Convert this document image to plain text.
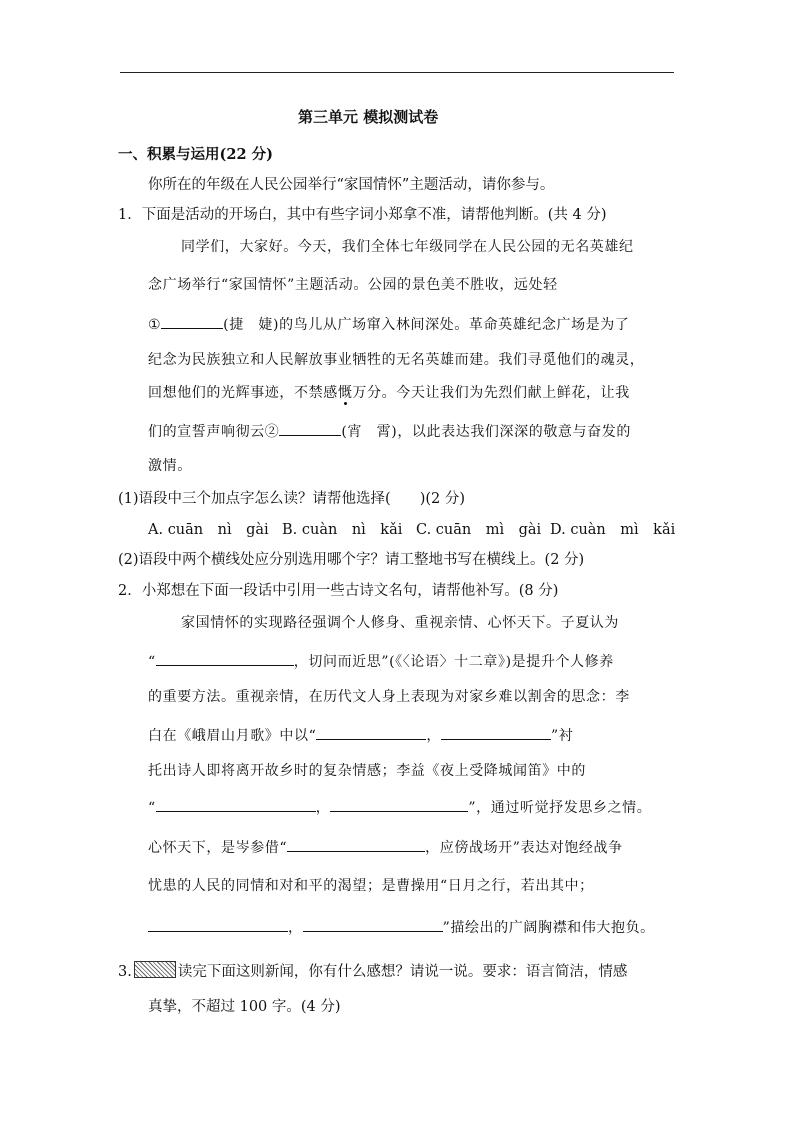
第三单元 模拟测试卷
一、积累与运用(22 分)
你所在的年级在人民公园举行“家国情怀”主题活动，请你参与。
1．下面是活动的开场白，其中有些字词小郑拿不准，请帮他判断。(共 4 分)
同学们，大家好。今天，我们全体七年级同学在人民公园的无名英雄纪
念广场举行“家国情怀”主题活动。公园的景色美不胜收，远处轻
①	(捷　婕)的鸟儿从广场窜入林间深处。革命英雄纪念广场是为了
纪念为民族独立和人民解放事业牺牲的无名英雄而建。我们寻觅他们的魂灵，
回想他们的光辉事迹，不禁感慨万分。今天让我们为先烈们献上鲜花，让我
们的宣誓声响彻云②	(宵　霄)，以此表达我们深深的敬意与奋发的
激情。
(1)语段中三个加点字怎么读？请帮他选择(　　)(2 分)
A. cuān　nì　gài B. cuàn　nì　kǎi C. cuān　mì　gài D. cuàn　mì　kǎi
(2)语段中两个横线处应分别选用哪个字？请工整地书写在横线上。(2 分)
2．小郑想在下面一段话中引用一些古诗文名句，请帮他补写。(8 分)
家国情怀的实现路径强调个人修身、重视亲情、心怀天下。子夏认为
“	，切问而近思”(《〈论语〉十二章》)是提升个人修养
的重要方法。重视亲情，在历代文人身上表现为对家乡难以割舍的思念：李
白在《峨眉山月歌》中以“	，	”衬
托出诗人即将离开故乡时的复杂情感；李益《夜上受降城闻笛》中的
“	，	”，通过听觉抒发思乡之情。
心怀天下，是岑参借“	，应傍战场开”表达对饱经战争
忧患的人民的同情和对和平的渴望；是曹操用“日月之行，若出其中；
，	”描绘出的广阔胸襟和伟大抱负。
3.	读完下面这则新闻，你有什么感想？请说一说。要求：语言简洁，情感
真挚，不超过 100 字。(4 分)
